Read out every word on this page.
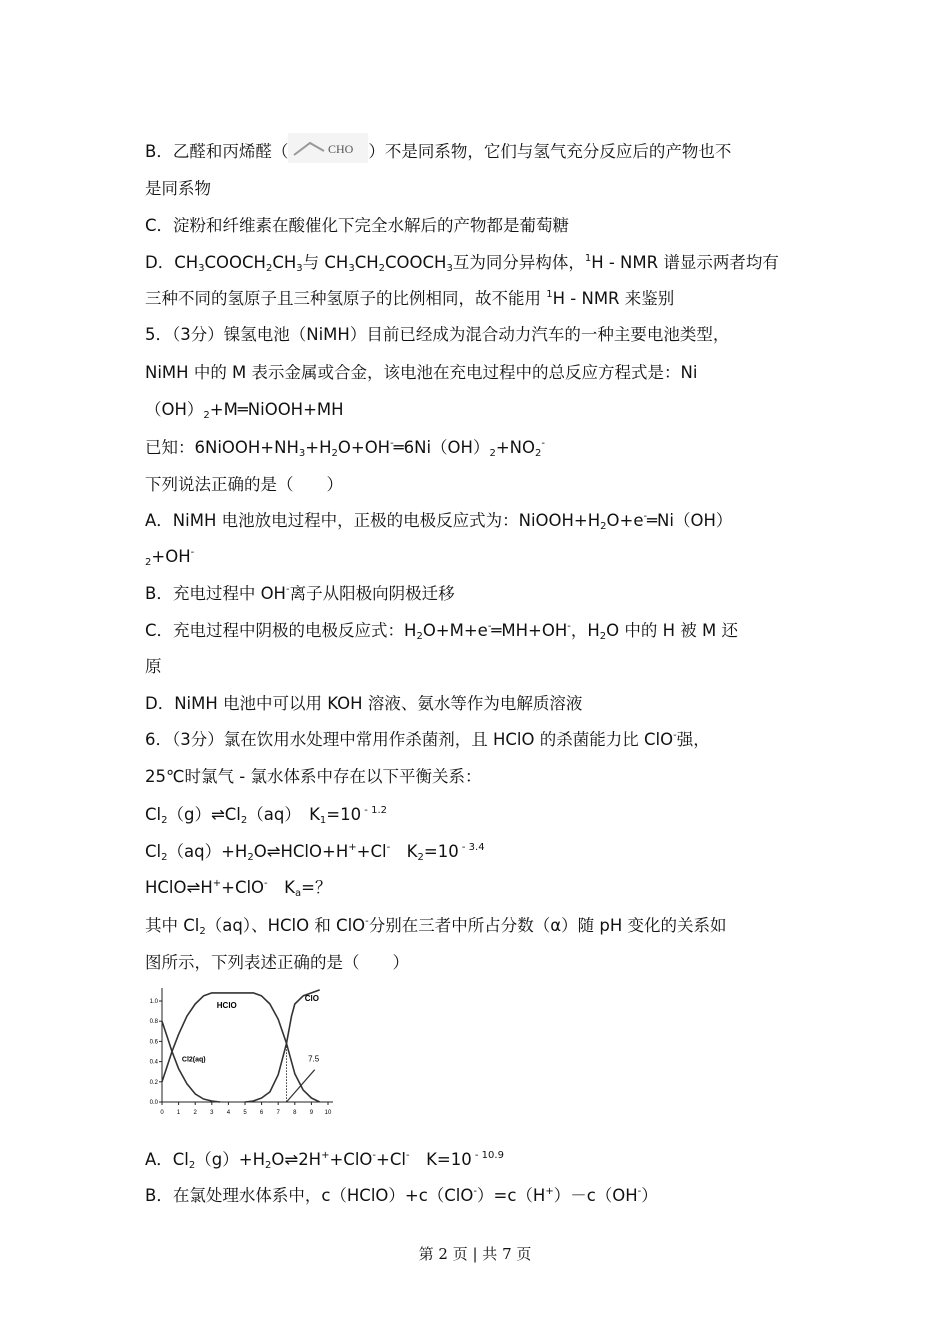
B．乙醛和丙烯醛（	CHO ）不是同系物，它们与氢气充分反应后的产物也不
是同系物
C．淀粉和纤维素在酸催化下完全水解后的产物都是葡萄糖
D．$CH_3COOCH_2CH_3$与 $CH_3CH_2COOCH_3$互为同分异构体，$^1$H - NMR 谱显示两者均有
三种不同的氢原子且三种氢原子的比例相同，故不能用 $^1$H - NMR 来鉴别
5．（3分）镍氢电池（NiMH）目前已经成为混合动力汽车的一种主要电池类型，
NiMH 中的 M 表示金属或合金，该电池在充电过程中的总反应方程式是：Ni
$(OH)_2+M═NiOOH+MH$
已知：$6NiOOH+NH_3+H_2O+OH^-═6Ni(OH)_2+NO_2^-$
下列说法正确的是（　　）
A．NiMH 电池放电过程中，正极的电极反应式为：$NiOOH+H_2O+e^-═Ni(OH)$
$_2$+OH-
B．充电过程中 OH-离子从阳极向阴极迁移
C．充电过程中阴极的电极反应式：$H_2O+M+e^-═MH+OH^-$，$H_2O$ 中的 H 被 M 还
原
D．NiMH 电池中可以用 KOH 溶液、氨水等作为电解质溶液
6．（3分）氯在饮用水处理中常用作杀菌剂，且 HClO 的杀菌能力比 ClO-强，
25℃时氯气 - 氯水体系中存在以下平衡关系：
$Cl_2(g)\rightleftharpoons Cl_2(aq)$　$K_1=10$ $^{- 1.2}$
$Cl_2(aq)+H_2O\rightleftharpoons HClO+H^++Cl^-$　$K_2=10$ $^{- 3.4}$
HClO⇌H++ClO-　$K_a=$？
其中 $Cl_2(aq)$、HClO 和 ClO-分别在三者中所占分数（α）随 pH 变化的关系如
图所示，下列表述正确的是（　　）
A．$Cl_2(g)+H_2O\rightleftharpoons 2H^++ClO^-+Cl^-$　K=10 $^{- 10.9}$
B．在氯处理水体系中，c（HClO）+c（ClO-）=c（H+）－c（OH-）
0 1 2 3 4 5 6 7 8 9 10
0.0
0.2
0.4
0.6
0.8
1.0
7.5
HClO
ClO
Cl2(aq)
第 2 页 | 共 7 页
